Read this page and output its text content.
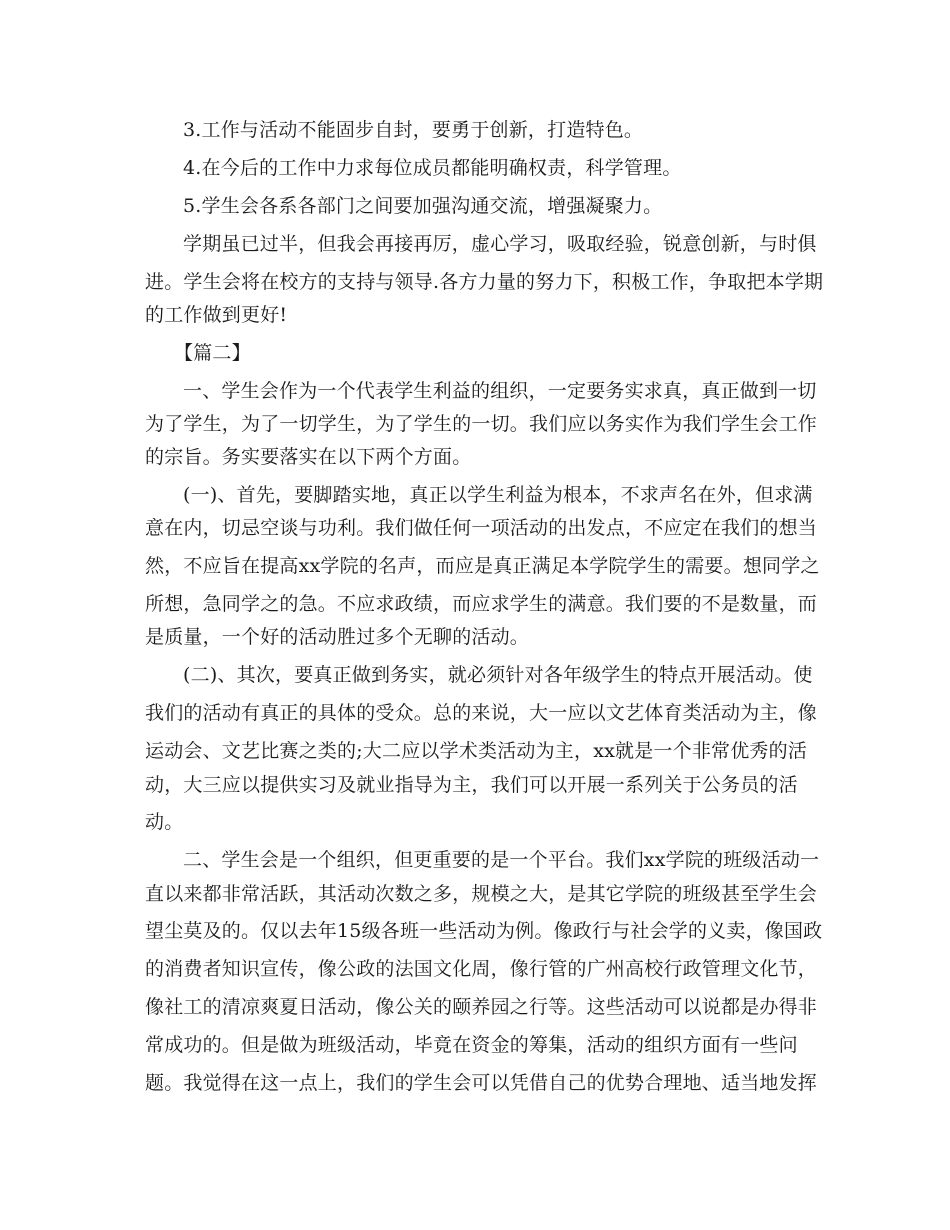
3.工作与活动不能固步自封，要勇于创新，打造特色。
4.在今后的工作中力求每位成员都能明确权责，科学管理。
5.学生会各系各部门之间要加强沟通交流，增强凝聚力。
学期虽已过半，但我会再接再厉，虚心学习，吸取经验，锐意创新，与时俱
进。学生会将在校方的支持与领导.各方力量的努力下，积极工作，争取把本学期
的工作做到更好!
【篇二】
一、学生会作为一个代表学生利益的组织，一定要务实求真，真正做到一切
为了学生，为了一切学生，为了学生的一切。我们应以务实作为我们学生会工作
的宗旨。务实要落实在以下两个方面。
(一)、首先，要脚踏实地，真正以学生利益为根本，不求声名在外，但求满
意在内，切忌空谈与功利。我们做任何一项活动的出发点，不应定在我们的想当
然，不应旨在提高xx学院的名声，而应是真正满足本学院学生的需要。想同学之
所想，急同学之的急。不应求政绩，而应求学生的满意。我们要的不是数量，而
是质量，一个好的活动胜过多个无聊的活动。
(二)、其次，要真正做到务实，就必须针对各年级学生的特点开展活动。使
我们的活动有真正的具体的受众。总的来说，大一应以文艺体育类活动为主，像
运动会、文艺比赛之类的;大二应以学术类活动为主，xx就是一个非常优秀的活
动，大三应以提供实习及就业指导为主，我们可以开展一系列关于公务员的活
动。
二、学生会是一个组织，但更重要的是一个平台。我们xx学院的班级活动一
直以来都非常活跃，其活动次数之多，规模之大，是其它学院的班级甚至学生会
望尘莫及的。仅以去年15级各班一些活动为例。像政行与社会学的义卖，像国政
的消费者知识宣传，像公政的法国文化周，像行管的广州高校行政管理文化节，
像社工的清凉爽夏日活动，像公关的颐养园之行等。这些活动可以说都是办得非
常成功的。但是做为班级活动，毕竟在资金的筹集，活动的组织方面有一些问
题。我觉得在这一点上，我们的学生会可以凭借自己的优势合理地、适当地发挥
